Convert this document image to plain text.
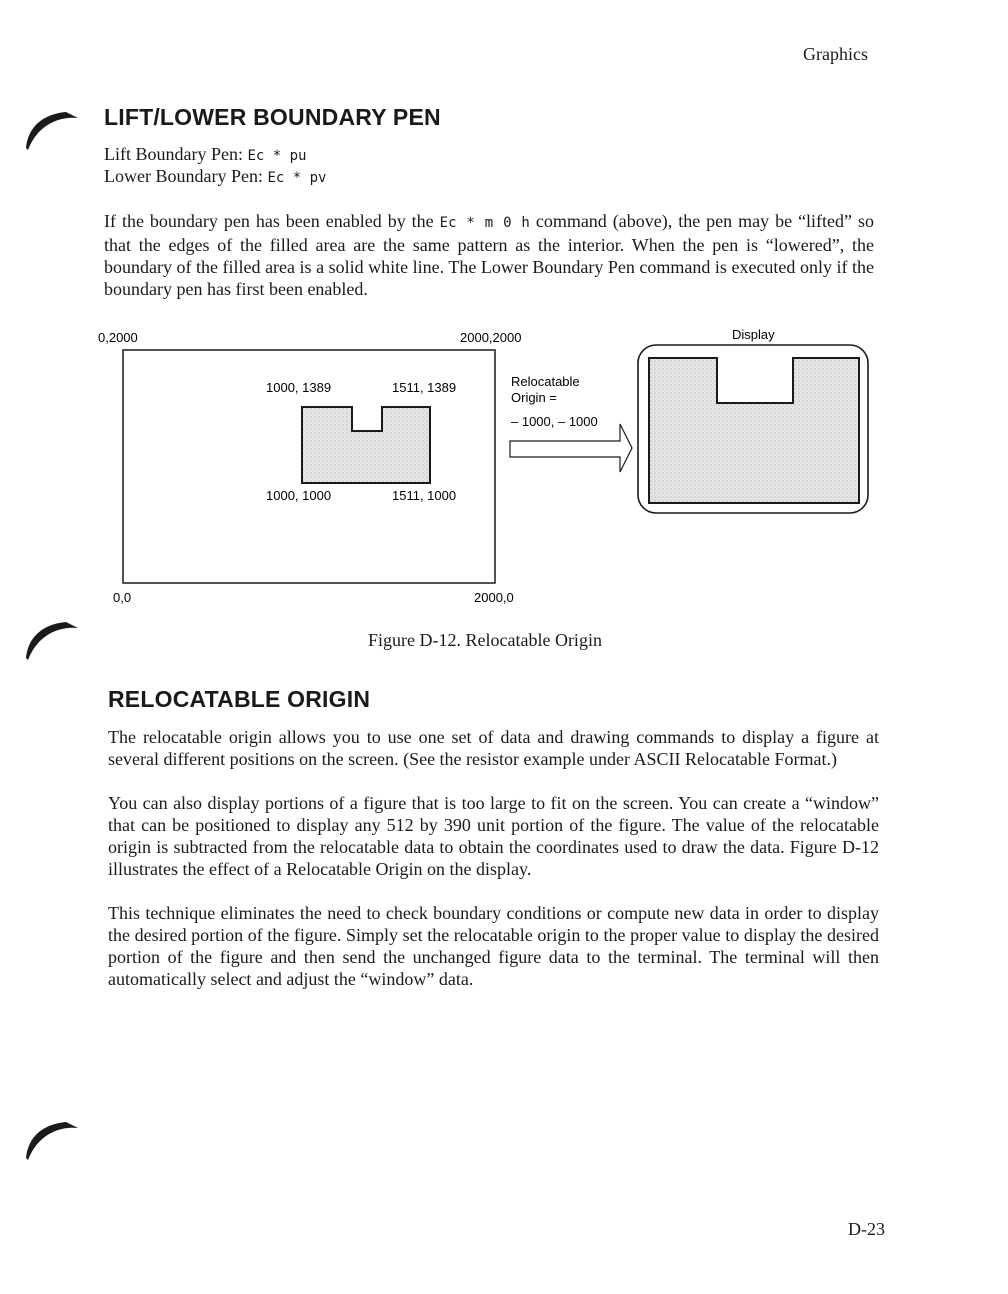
Graphics
LIFT/LOWER BOUNDARY PEN
Lift Boundary Pen: Ec * pu
Lower Boundary Pen: Ec * pv
If the boundary pen has been enabled by the Ec * m 0 h command (above), the pen may be “lifted” so that the edges of the filled area are the same pattern as the interior. When the pen is “lowered”, the boundary of the filled area is a solid white line. The Lower Boundary Pen command is executed only if the boundary pen has first been enabled.
0,2000	2000,2000
0,0	2000,0
1000, 1389	1511, 1389
1000, 1000	1511, 1000
Relocatable
Origin =
– 1000, – 1000
Display
Figure D-12. Relocatable Origin
RELOCATABLE ORIGIN

The relocatable origin allows you to use one set of data and drawing commands to display a figure at several different positions on the screen. (See the resistor example under ASCII Relocatable Format.)

You can also display portions of a figure that is too large to fit on the screen. You can create a “window” that can be positioned to display any 512 by 390 unit portion of the figure. The value of the relocatable origin is subtracted from the relocatable data to obtain the coordinates used to draw the data. Figure D-12 illustrates the effect of a Relocatable Origin on the display.

This technique eliminates the need to check boundary conditions or compute new data in order to display the desired portion of the figure. Simply set the relocatable origin to the proper value to display the desired portion of the figure and then send the unchanged figure data to the terminal. The terminal will then automatically select and adjust the “window” data.

D-23
